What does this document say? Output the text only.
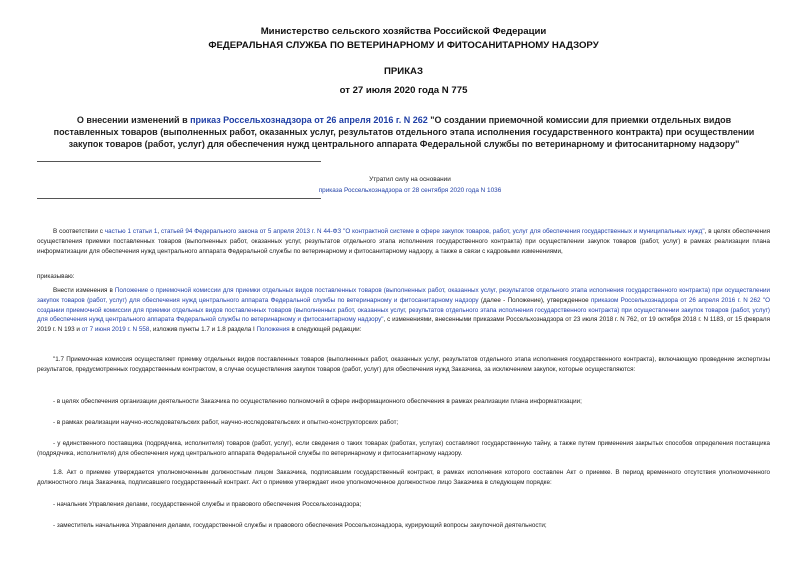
Министерство сельского хозяйства Российской Федерации
ФЕДЕРАЛЬНАЯ СЛУЖБА ПО ВЕТЕРИНАРНОМУ И ФИТОСАНИТАРНОМУ НАДЗОРУ
ПРИКАЗ
от 27 июля 2020 года N 775
О внесении изменений в приказ Россельхознадзора от 26 апреля 2016 г. N 262 "О создании приемочной комиссии для приемки отдельных видов поставленных товаров (выполненных работ, оказанных услуг, результатов отдельного этапа исполнения государственного контракта) при осуществлении закупок товаров (работ, услуг) для обеспечения нужд центрального аппарата Федеральной службы по ветеринарному и фитосанитарному надзору"
Утратил силу на основании
приказа Россельхознадзора от 28 сентября 2020 года N 1036
В соответствии с частью 1 статьи 1, статьей 94 Федерального закона от 5 апреля 2013 г. N 44-ФЗ "О контрактной системе в сфере закупок товаров, работ, услуг для обеспечения государственных и муниципальных нужд", в целях обеспечения осуществления приемки поставленных товаров (выполненных работ, оказанных услуг, результатов отдельного этапа исполнения государственного контракта) при осуществлении закупок товаров (работ, услуг) в рамках реализации плана информатизации для обеспечения нужд центрального аппарата Федеральной службы по ветеринарному и фитосанитарному надзору, а также в связи с кадровыми изменениями,
приказываю:
Внести изменения в Положение о приемочной комиссии для приемки отдельных видов поставленных товаров (выполненных работ, оказанных услуг, результатов отдельного этапа исполнения государственного контракта) при осуществлении закупок товаров (работ, услуг) для обеспечения нужд центрального аппарата Федеральной службы по ветеринарному и фитосанитарному надзору (далее - Положение), утвержденное приказом Россельхознадзора от 26 апреля 2016 г. N 262 "О создании приемочной комиссии для приемки отдельных видов поставленных товаров (выполненных работ, оказанных услуг, результатов отдельного этапа исполнения государственного контракта) при осуществлении закупок товаров (работ, услуг) для обеспечения нужд центрального аппарата Федеральной службы по ветеринарному и фитосанитарному надзору", с изменениями, внесенными приказами Россельхознадзора от 23 июля 2018 г. N 762, от 19 октября 2018 г. N 1183, от 15 февраля 2019 г. N 193 и от 7 июня 2019 г. N 558, изложив пункты 1.7 и 1.8 раздела I Положения в следующей редакции:
"1.7 Приемочная комиссия осуществляет приемку отдельных видов поставленных товаров (выполненных работ, оказанных услуг, результатов отдельного этапа исполнения государственного контракта), включающую проведение экспертизы результатов, предусмотренных государственным контрактом, в случае осуществления закупок товаров (работ, услуг) для обеспечения нужд Заказчика, за исключением закупок, которые осуществляются:
- в целях обеспечения организации деятельности Заказчика по осуществлению полномочий в сфере информационного обеспечения в рамках реализации плана информатизации;
- в рамках реализации научно-исследовательских работ, научно-исследовательских и опытно-конструкторских работ;
- у единственного поставщика (подрядчика, исполнителя) товаров (работ, услуг), если сведения о таких товарах (работах, услугах) составляют государственную тайну, а также путем применения закрытых способов определения поставщика (подрядчика, исполнителя) для обеспечения нужд центрального аппарата Федеральной службы по ветеринарному и фитосанитарному надзору.
1.8. Акт о приемке утверждается уполномоченным должностным лицом Заказчика, подписавшим государственный контракт, в рамках исполнения которого составлен Акт о приемке. В период временного отсутствия уполномоченного должностного лица Заказчика, подписавшего государственный контракт. Акт о приемке утверждает иное уполномоченное должностное лицо Заказчика в следующем порядке:
- начальник Управления делами, государственной службы и правового обеспечения Россельхознадзора;
- заместитель начальника Управления делами, государственной службы и правового обеспечения Россельхознадзора, курирующий вопросы закупочной деятельности;
